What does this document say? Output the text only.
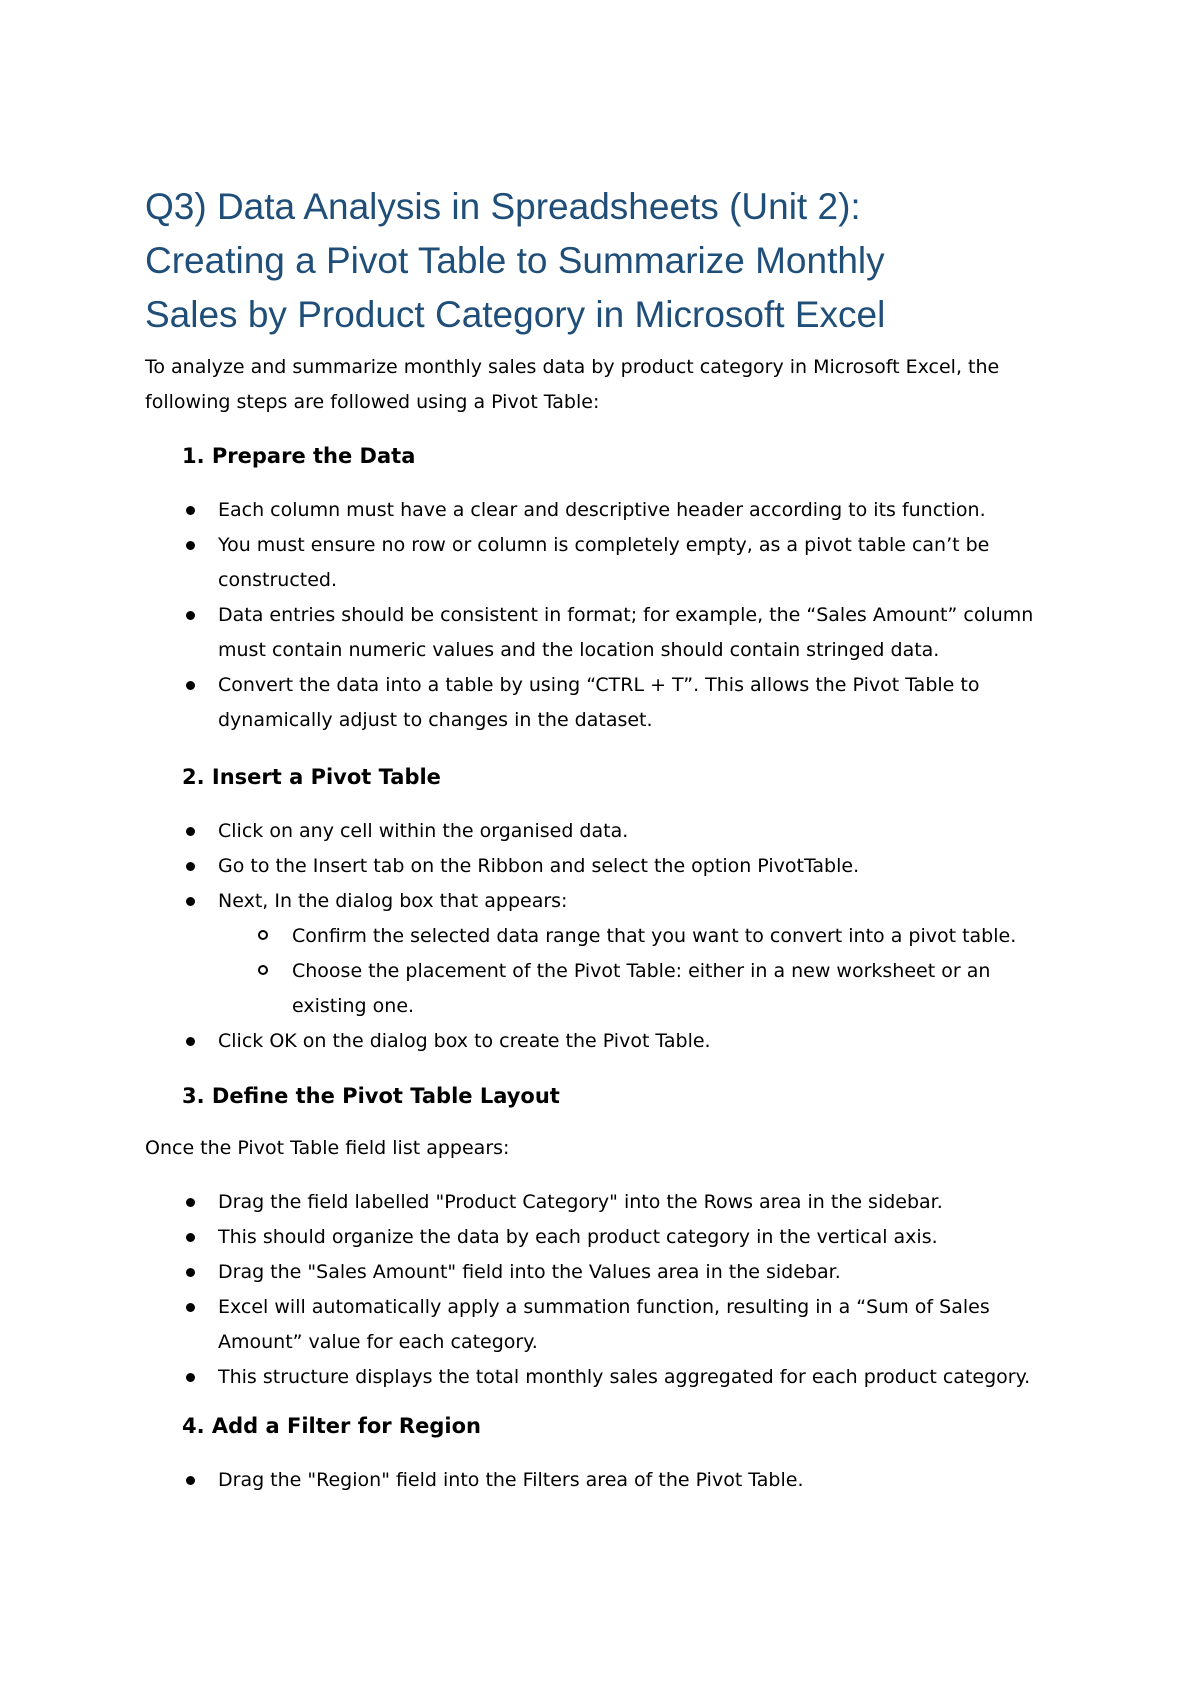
Q3) Data Analysis in Spreadsheets (Unit 2):
Creating a Pivot Table to Summarize Monthly
Sales by Product Category in Microsoft Excel

To analyze and summarize monthly sales data by product category in Microsoft Excel, the
following steps are followed using a Pivot Table:

1. Prepare the Data
Each column must have a clear and descriptive header according to its function.
You must ensure no row or column is completely empty, as a pivot table can’t be
constructed.
Data entries should be consistent in format; for example, the “Sales Amount” column
must contain numeric values and the location should contain stringed data.
Convert the data into a table by using “CTRL + T”. This allows the Pivot Table to
dynamically adjust to changes in the dataset.
2. Insert a Pivot Table
Click on any cell within the organised data.
Go to the Insert tab on the Ribbon and select the option PivotTable.
Next, In the dialog box that appears:
Confirm the selected data range that you want to convert into a pivot table.
Choose the placement of the Pivot Table: either in a new worksheet or an
existing one.
Click OK on the dialog box to create the Pivot Table.
3. Define the Pivot Table Layout

Once the Pivot Table field list appears:

Drag the field labelled "Product Category" into the Rows area in the sidebar.
This should organize the data by each product category in the vertical axis.
Drag the "Sales Amount" field into the Values area in the sidebar.
Excel will automatically apply a summation function, resulting in a “Sum of Sales
Amount” value for each category.
This structure displays the total monthly sales aggregated for each product category.
4. Add a Filter for Region
Drag the "Region" field into the Filters area of the Pivot Table.
